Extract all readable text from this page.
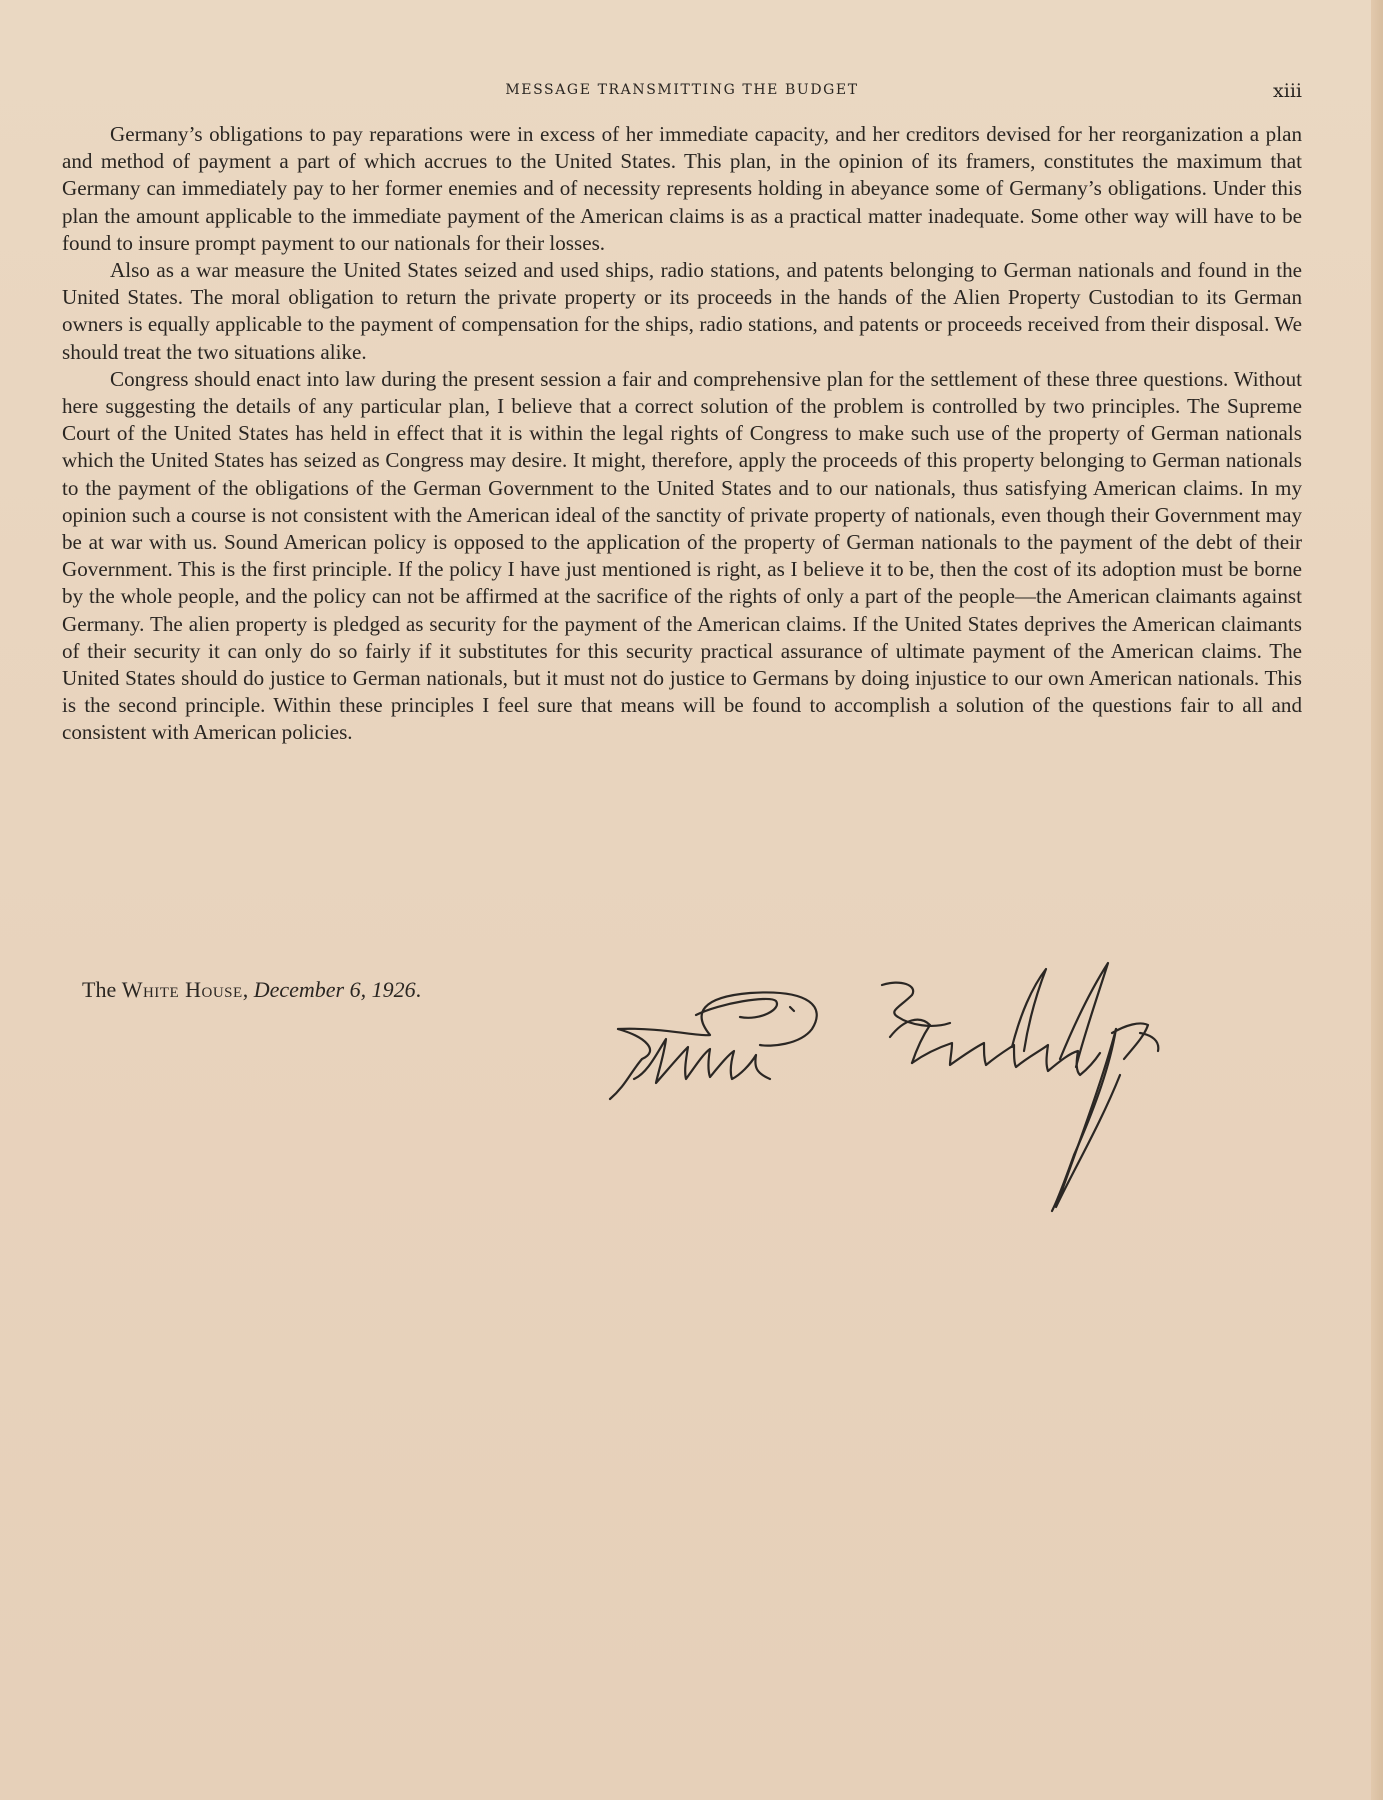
MESSAGE TRANSMITTING THE BUDGET	xiii

Germany’s obligations to pay reparations were in excess of her immediate capacity, and her creditors devised for her reorganization a plan and method of payment a part of which accrues to the United States. This plan, in the opinion of its framers, constitutes the maximum that Germany can immediately pay to her former enemies and of necessity represents holding in abeyance some of Germany’s obligations. Under this plan the amount applicable to the immediate payment of the American claims is as a practical matter inadequate. Some other way will have to be found to insure prompt payment to our nationals for their losses.

Also as a war measure the United States seized and used ships, radio stations, and patents belonging to German nationals and found in the United States. The moral obligation to return the private property or its proceeds in the hands of the Alien Property Custodian to its German owners is equally applicable to the payment of compensation for the ships, radio stations, and patents or proceeds received from their disposal. We should treat the two situations alike.

Congress should enact into law during the present session a fair and comprehensive plan for the settlement of these three questions. Without here suggesting the details of any particular plan, I believe that a correct solution of the problem is controlled by two principles. The Supreme Court of the United States has held in effect that it is within the legal rights of Congress to make such use of the property of German nationals which the United States has seized as Congress may desire. It might, therefore, apply the proceeds of this property belonging to German nationals to the payment of the obligations of the German Government to the United States and to our nationals, thus satisfying American claims. In my opinion such a course is not consistent with the American ideal of the sanctity of private property of nationals, even though their Government may be at war with us. Sound American policy is opposed to the application of the property of German nationals to the payment of the debt of their Government. This is the first principle. If the policy I have just mentioned is right, as I believe it to be, then the cost of its adoption must be borne by the whole people, and the policy can not be affirmed at the sacrifice of the rights of only a part of the people—the American claimants against Germany. The alien property is pledged as security for the payment of the American claims. If the United States deprives the American claimants of their security it can only do so fairly if it substitutes for this security practical assurance of ultimate payment of the American claims. The United States should do justice to German nationals, but it must not do justice to Germans by doing injustice to our own American nationals. This is the second principle. Within these principles I feel sure that means will be found to accomplish a solution of the questions fair to all and consistent with American policies.

The White House, December 6, 1926.
